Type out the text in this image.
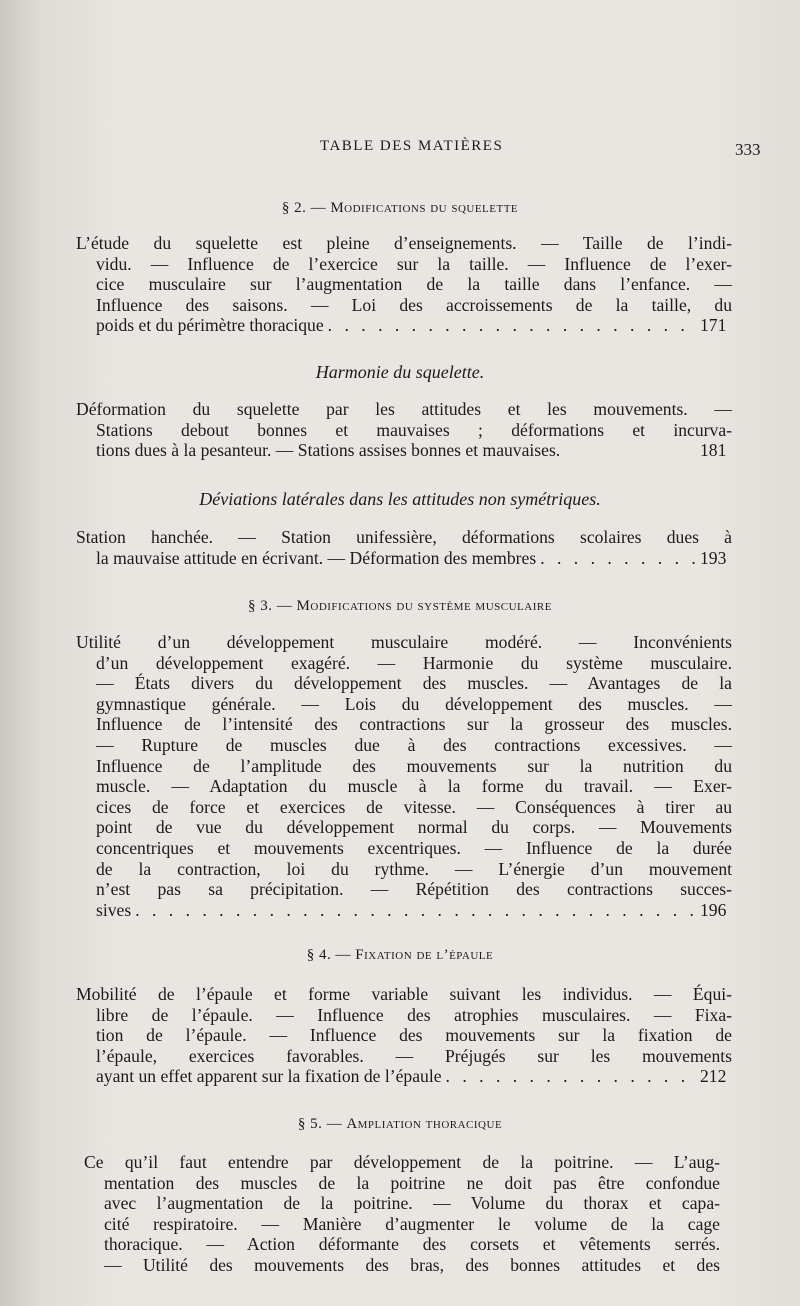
TABLE DES MATIÈRES	333
§ 2. — Modifications du squelette
L’étude du squelette est pleine d’enseignements. — Taille de l’indi-
vidu. — Influence de l’exercice sur la taille. — Influence de l’exer-
cice musculaire sur l’augmentation de la taille dans l’enfance. —
Influence des saisons. — Loi des accroissements de la taille, du
poids et du périmètre thoracique . . .	171
Harmonie du squelette.
Déformation du squelette par les attitudes et les mouvements. —
Stations debout bonnes et mauvaises ; déformations et incurva-
tions dues à la pesanteur. — Stations assises bonnes et mauvaises.	181
Déviations latérales dans les attitudes non symétriques.
Station hanchée. — Station unifessière, déformations scolaires dues à
la mauvaise attitude en écrivant. — Déformation des membres . . .	193
§ 3. — Modifications du système musculaire
Utilité d’un développement musculaire modéré. — Inconvénients
d’un développement exagéré. — Harmonie du système musculaire.
— États divers du développement des muscles. — Avantages de la
gymnastique générale. — Lois du développement des muscles. —
Influence de l’intensité des contractions sur la grosseur des muscles.
— Rupture de muscles due à des contractions excessives. —
Influence de l’amplitude des mouvements sur la nutrition du
muscle. — Adaptation du muscle à la forme du travail. — Exer-
cices de force et exercices de vitesse. — Conséquences à tirer au
point de vue du développement normal du corps. — Mouvements
concentriques et mouvements excentriques. — Influence de la durée
de la contraction, loi du rythme. — L’énergie d’un mouvement
n’est pas sa précipitation. — Répétition des contractions succes-
sives . . .	196
§ 4. — Fixation de l’épaule
Mobilité de l’épaule et forme variable suivant les individus. — Équi-
libre de l’épaule. — Influence des atrophies musculaires. — Fixa-
tion de l’épaule. — Influence des mouvements sur la fixation de
l’épaule, exercices favorables. — Préjugés sur les mouvements
ayant un effet apparent sur la fixation de l’épaule . . .	212
§ 5. — Ampliation thoracique
Ce qu’il faut entendre par développement de la poitrine. — L’aug-
mentation des muscles de la poitrine ne doit pas être confondue
avec l’augmentation de la poitrine. — Volume du thorax et capa-
cité respiratoire. — Manière d’augmenter le volume de la cage
thoracique. — Action déformante des corsets et vêtements serrés.
— Utilité des mouvements des bras, des bonnes attitudes et des
